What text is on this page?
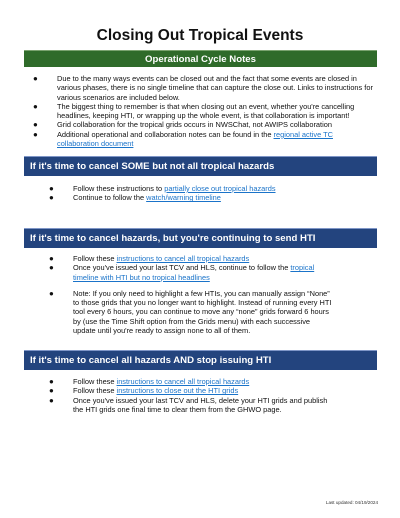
Closing Out Tropical Events
Operational Cycle Notes
●	Due to the many ways events can be closed out and the fact that some events are closed in various phases, there is no single timeline that can capture the close out. Links to instructions for various scenarios are included below.
●	The biggest thing to remember is that when closing out an event, whether you're cancelling headlines, keeping HTI, or wrapping up the whole event, is that collaboration is important!
●	Grid collaboration for the tropical grids occurs in NWSChat, not AWIPS collaboration
●	Additional operational and collaboration notes can be found in the regional active TC collaboration document
If it's time to cancel SOME but not all tropical hazards
●	Follow these instructions to partially close out tropical hazards
●	Continue to follow the watch/warning timeline
If it's time to cancel hazards, but you're continuing to send HTI
●	Follow these instructions to cancel all tropical hazards
●	Once you've issued your last TCV and HLS, continue to follow the tropical timeline with HTI but no tropical headlines
●	Note: If you only need to highlight a few HTIs, you can manually assign “None” to those grids that you no longer want to highlight. Instead of running every HTI tool every 6 hours, you can continue to move any “none” grids forward 6 hours by (use the Time Shift option from the Grids menu) with each successive update until you're ready to assign none to all of them.
If it's time to cancel all hazards AND stop issuing HTI
●	Follow these instructions to cancel all tropical hazards
●	Follow these instructions to close out the HTI grids
●	Once you've issued your last TCV and HLS, delete your HTI grids and publish the HTI grids one final time to clear them from the GHWO page.
Last updated: 04/19/2024
